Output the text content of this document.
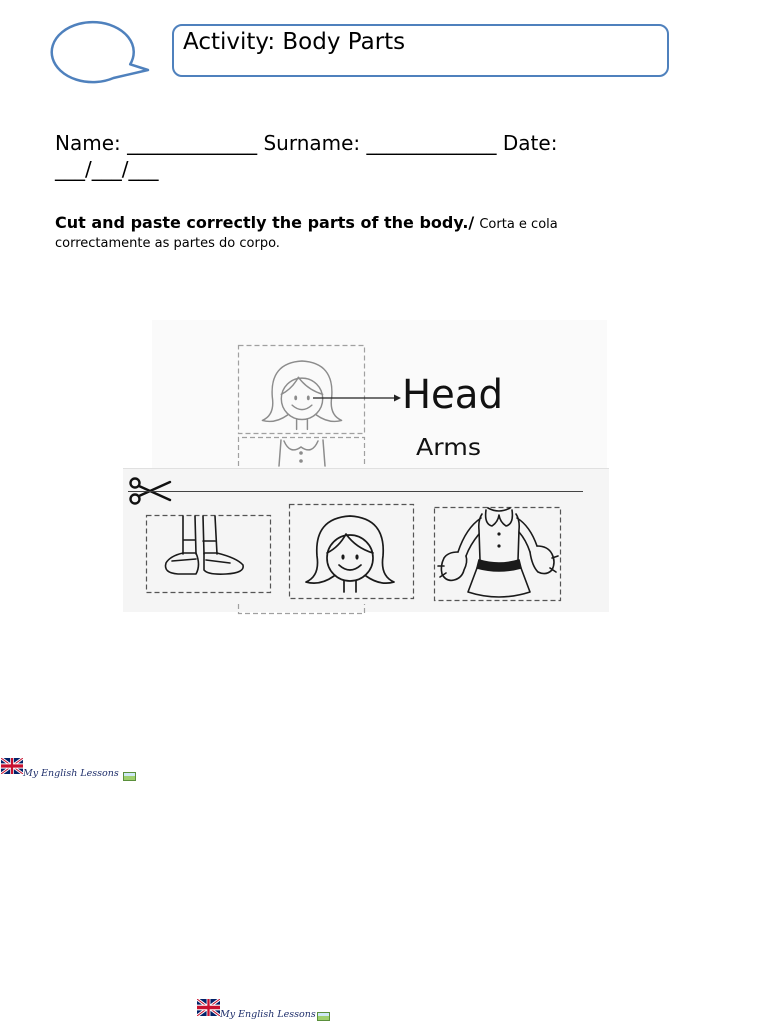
Activity: Body Parts
Name: _____________ Surname: _____________ Date: ___/___/___
Cut and paste correctly the parts of the body./ Corta e cola correctamente as partes do corpo.
Head
Arms
My English Lessons
My English Lessons
